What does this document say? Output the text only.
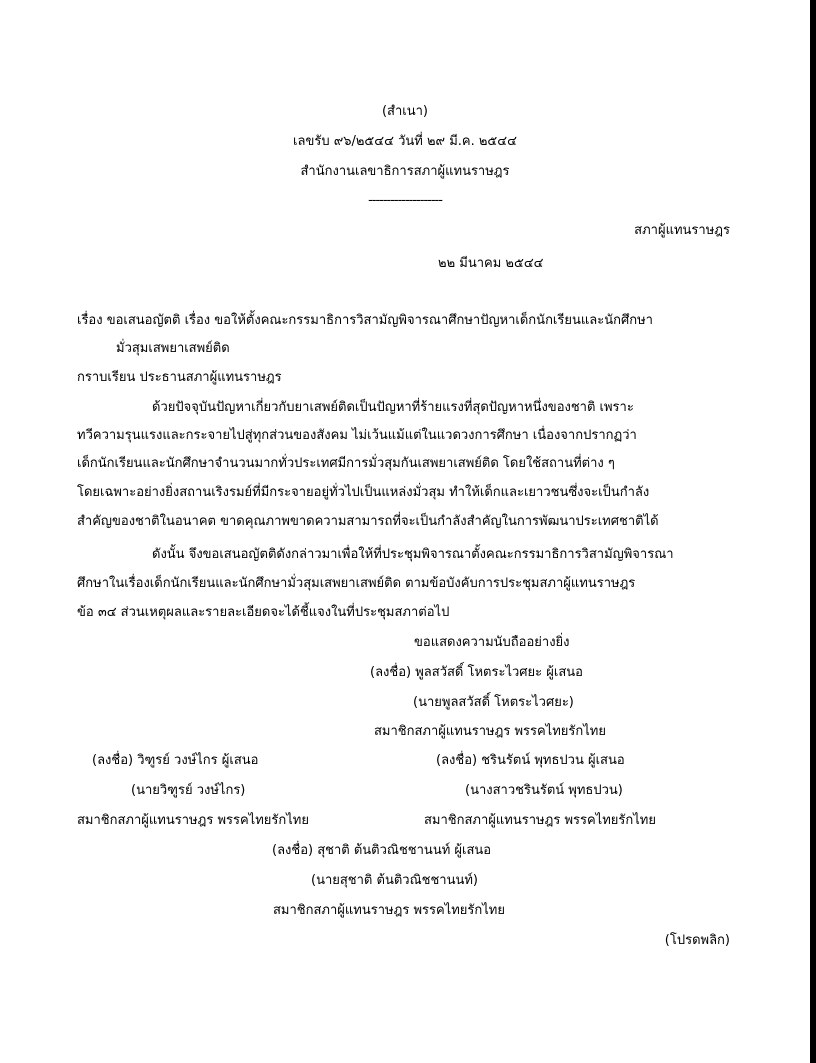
(สำเนา)
เลขรับ ๙๖/๒๕๔๔ วันที่ ๒๙ มี.ค. ๒๕๔๔
สำนักงานเลขาธิการสภาผู้แทนราษฎร
--------------------
สภาผู้แทนราษฎร
๒๒ มีนาคม ๒๕๔๔
เรื่อง ขอเสนอญัตติ เรื่อง ขอให้ตั้งคณะกรรมาธิการวิสามัญพิจารณาศึกษาปัญหาเด็กนักเรียนและนักศึกษา
มั่วสุมเสพยาเสพย์ติด
กราบเรียน ประธานสภาผู้แทนราษฎร
ด้วยปัจจุบันปัญหาเกี่ยวกับยาเสพย์ติดเป็นปัญหาที่ร้ายแรงที่สุดปัญหาหนึ่งของชาติ เพราะ
ทวีความรุนแรงและกระจายไปสู่ทุกส่วนของสังคม ไม่เว้นแม้แต่ในแวดวงการศึกษา เนื่องจากปรากฏว่า
เด็กนักเรียนและนักศึกษาจำนวนมากทั่วประเทศมีการมั่วสุมกันเสพยาเสพย์ติด โดยใช้สถานที่ต่าง ๆ
โดยเฉพาะอย่างยิ่งสถานเริงรมย์ที่มีกระจายอยู่ทั่วไปเป็นแหล่งมั่วสุม ทำให้เด็กและเยาวชนซึ่งจะเป็นกำลัง
สำคัญของชาติในอนาคต ขาดคุณภาพขาดความสามารถที่จะเป็นกำลังสำคัญในการพัฒนาประเทศชาติได้
ดังนั้น จึงขอเสนอญัตติดังกล่าวมาเพื่อให้ที่ประชุมพิจารณาตั้งคณะกรรมาธิการวิสามัญพิจารณา
ศึกษาในเรื่องเด็กนักเรียนและนักศึกษามั่วสุมเสพยาเสพย์ติด ตามข้อบังคับการประชุมสภาผู้แทนราษฎร
ข้อ ๓๔ ส่วนเหตุผลและรายละเอียดจะได้ชี้แจงในที่ประชุมสภาต่อไป
ขอแสดงความนับถืออย่างยิ่ง
(ลงชื่อ) พูลสวัสดิ์ โหตระไวศยะ ผู้เสนอ
(นายพูลสวัสดิ์ โหตระไวศยะ)
สมาชิกสภาผู้แทนราษฎร พรรคไทยรักไทย
(ลงชื่อ) วิฑูรย์ วงษ์ไกร ผู้เสนอ
(นายวิฑูรย์ วงษ์ไกร)
สมาชิกสภาผู้แทนราษฎร พรรคไทยรักไทย
(ลงชื่อ) ชรินรัตน์ พุทธปวน ผู้เสนอ
(นางสาวชรินรัตน์ พุทธปวน)
สมาชิกสภาผู้แทนราษฎร พรรคไทยรักไทย
(ลงชื่อ) สุชาติ ต้นติวณิชชานนท์ ผู้เสนอ
(นายสุชาติ ต้นติวณิชชานนท์)
สมาชิกสภาผู้แทนราษฎร พรรคไทยรักไทย
(โปรดพลิก)
